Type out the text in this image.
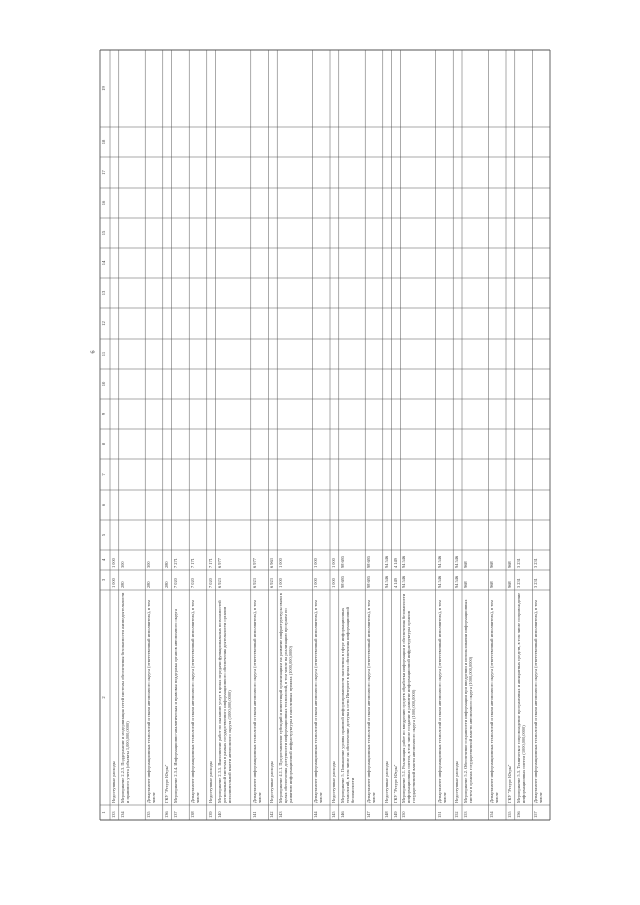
6
1
2
3
4
5
6
7
8
9
10
11
12
13
14
15
16
17
18
19
133
Недоступные расходы
1 000
1 000
134
Мероприятие 2.2.3. Поддержание и модернизация сетей системы обеспечения безопасности жизнедеятельности и правового учета (объекты 1,000,000,0000)
280
300
135
Департамент информационных технологий и связи автономного округа (ответственный исполнитель), в том числе
280
300
136
ГКУ "Ресурс Югры"
280
280
137
Мероприятие 2.3.4. Информационно-аналитическая и правовая поддержка органов автономного округа
7 020
7 271
138
Департамент информационных технологий и связи автономного округа (ответственный исполнитель), в том числе
7 020
7 171
139
Недоступные расходы
7 020
7 171
140
Мероприятие 2.3.5. Выполнение работ по оказанию услуг в целях передачи функциональных возможностей региональной системы в рамках государственного информационного обеспечения деятельности органов исполнительной власти автономного округа (1000,000,0000)
6 923
6 977
141
Департамент информационных технологий и связи автономного округа (ответственный исполнитель), в том числе
6 923
6 977
142
Недоступные расходы
6 923
6 963
143
Мероприятие 4.1.1. Предоставление субсидий и инвестиций организациям на развитие инфраструктуры связи в целях обеспечения доступности информационных технологий, в том числе на реализацию программ по развитию информационной инфраструктуры в населенных пунктах (1000,000,0000)
1 000
1 000
144
Департамент информационных технологий и связи автономного округа (ответственный исполнитель), в том числе
1 000
1 000
145
Недоступные расходы
1 000
1 000
146
Мероприятие 5. Повышение уровня правовой информированности населения в сфере информационных технологий, в том числе на обеспечение доступа к сети Интернет в целях обеспечения информационной безопасности
98 695
98 695
147
Департамент информационных технологий и связи автономного округа (ответственный исполнитель), в том числе
98 695
98 695
148
Недоступные расходы
94 546
94 546
149
ГКУ "Ресурс Югры"
4 149
4 149
150
Мероприятие 5.1. Реализация работ по внедрению средств обработки информации и обеспечения безопасности информационных систем, в том числе создание и развитие информационной инфраструктуры органов государственной власти автономного округа (1000,000,0000)
94 546
94 546
151
Департамент информационных технологий и связи автономного округа (ответственный исполнитель), в том числе
94 546
94 546
152
Недоступные расходы
94 546
94 546
153
Мероприятие 5.2. Обеспечение сохранности информации при внедрении и использовании информационных систем в органах государственной власти автономного округа (1000,000,0000)
968
968
154
Департамент информационных технологий и связи автономного округа (ответственный исполнитель), в том числе
968
968
155
ГКУ "Ресурс Югры"
968
968
156
Мероприятие 5.3. Техническое сопровождение программных и аппаратных средств, в том числе сопровождение информационных систем (1000,000,0000)
3 231
3 231
157
Департамент информационных технологий и связи автономного округа (ответственный исполнитель), в том числе
3 231
3 231
